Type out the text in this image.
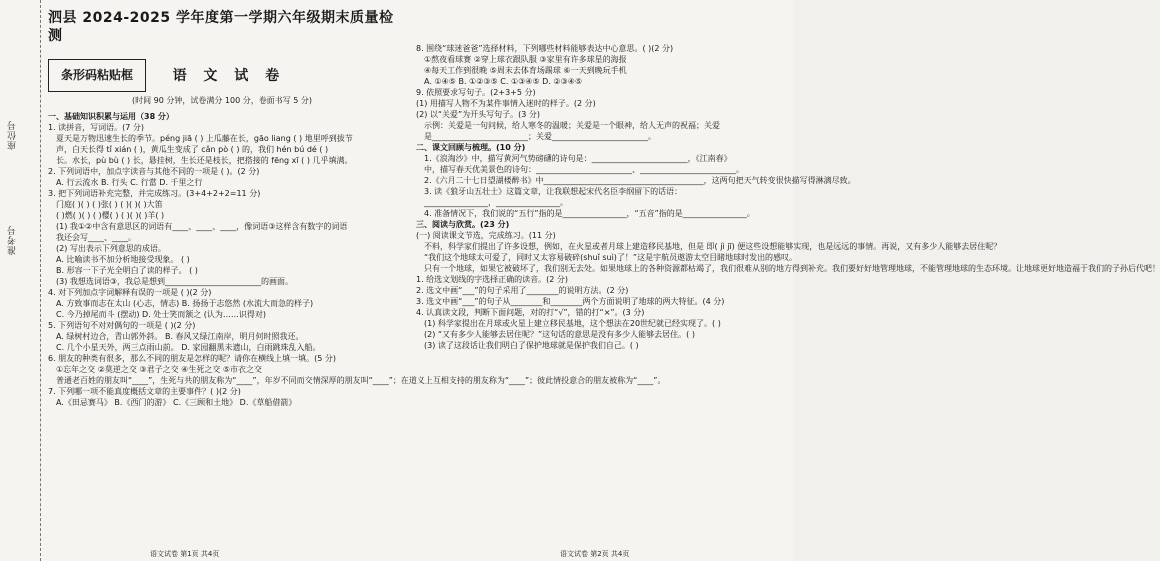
座位号
准考号
泗县 2024-2025 学年度第一学期六年级期末质量检测
条形码粘贴框	语 文 试 卷
(时间 90 分钟，试卷满分 100 分，卷面书写 5 分)
一、基础知识积累与运用（38 分）
1. 读拼音，写词语。(7 分)
夏天是万物迅速生长的季节。péng jiā ( ) 上瓜藤在长，gāo liang ( ) 地里呼到拔节
声，白天长得 tǐ xián ( )，黄瓜生变成了 cǎn pò ( ) 的，我们 hén bú dé ( )
长。水长，pù bù ( ) 长，悬挂树，生长还是枝长，把搭接的 fēng xī ( ) 几乎填满。
2. 下列词语中，加点字读音与其他不同的一项是 ( )。(2 分)
A. 行云流水 B. 行头 C. 行當 D. 千里之行
3. 把下列词语补充完整，并完成练习。(3+4+2+2=11 分)
门庭( )( ) ( )张( ) ( )( )( )大笛
( )燃( )( ) ( )樱( ) ( )( )( )羊( )
(1) 我①②中含有意思区的词语有____、____、____，像词语③这样含有数字的词语
我还会写____、____。
(2) 写出表示下列意思的成语。
A. 比喻读书不加分析地接受现象。 ( )
B. 形容一下子光全明白了读的样子。 ( )
(3) 我想选词语③，我总是想到________________________的画面。
4. 对下列加点字词解释有误的一项是 ( )(2 分)
A. 方致事而志在太山 (心志，情志) B. 扬扬于志悠然 (水流大而急的样子)
C. 今乃掉尾而斗 (摆动) D. 处士笑而颔之 (认为……识得对)
5. 下列语句不对对偶句的一项是 ( )(2 分)
A. 绿树村边合，青山郭外斜。 B. 春风又绿江南岸，明月何时照我还。
C. 几个小星天外，两三点雨山前。 D. 家园翻黑未遗山，白雨跳珠乱入船。
6. 朋友的种类有很多，那么不同的朋友是怎样的呢？请你在横线上填一填。(5 分)
①忘年之交 ②莫逆之交 ③君子之交 ④生死之交 ⑤市衣之交
普通老百姓的朋友叫“____”，生死与共的朋友称为“____”，年岁不同而交情深厚的朋友叫“____”；在道义上互相支持的朋友称为“____”；彼此情投意合的朋友被称为“____”。
7. 下列哪一项不能真度概括文章的主要事件？( )(2 分)
A.《田忌赛马》 B.《西门的游》 C.《三顾和土地》 D.《草船借箭》
8. 围绕“球迷爸爸”选择材料，下列哪些材料能够表达中心意思。( )(2 分)
①熬夜看球赛 ②穿上球衣跟队服 ③家里有许多球星的海报
④每天工作到很晚 ⑤周末去体育场踢球 ⑥一天到晚玩手机
A. ①④⑤ B. ①②③⑤ C. ①③④⑤ D. ②③④⑤
9. 依照要求写句子。(2+3+5 分)
(1) 用描写人物不为某件事情入迷时的样子。(2 分)
(2) 以“关爱”为开头写句子。(3 分)
示例：关爱是一句问候，给人寒冬的温暖；关爱是一个眼神，给人无声的祝福；关爱
是________________________；关爱________________________。
二、课文回顾与梳理。(10 分)
1.《浪淘沙》中，描写黄河气势磅礴的诗句是：________________________，《江南春》
中，描写春天优美景色的诗句：________________________、________________________。
2.《六月二十七日望湖楼醉书》中________________________________________，这两句把天气转变很快描写得淋漓尽致。
3. 读《狼牙山五壮士》这篇文章，让我联想起宋代名臣李纲留下的话语：
________________，________________。
4. 准备情况下，我们说的“五行”指的是________________，“五音”指的是________________。
三、阅读与欣赏。(23 分)
(一) 阅读课文节选，完成练习。(11 分)
不料，科学家们提出了许多设想，例如，在火星或者月球上建造移民基地，但是 即( jì jī) 便这些设想能够实现，也是远远的事情。再说，又有多少人能够去居住呢？
“我们这个地球太可爱了，同时又太容易破碎(shuǐ suì)了！”这是宇航员遨游太空目睹地球时发出的感叹。
只有一个地球，如果它被破坏了，我们别无去处。如果地球上的各种资源都枯竭了，我们很难从别的地方得到补充。我们要好好地管理地球，不能管理地球的生态环境。让地球更好地造福于我们的子孙后代吧！
1. 给选文划线的字选择正确的读音。(2 分)
2. 选文中画“___”的句子采用了________的说明方法。(2 分)
3. 选文中画“___”的句子从________和________两个方面说明了地球的两大特征。(4 分)
4. 认真读文段，判断下面问题，对的打“√”，错的打“×”。(3 分)
(1) 科学家提出在月球或火星上建立移民基地，这个想法在20世纪就已经实现了。( )
(2) “又有多少人能够去居住呢？”这句话的意思是没有多少人能够去居住。( )
(3) 读了这段话让我们明白了保护地球就是保护我们自己。( )
语文试卷 第1页 共4页	语文试卷 第2页 共4页
